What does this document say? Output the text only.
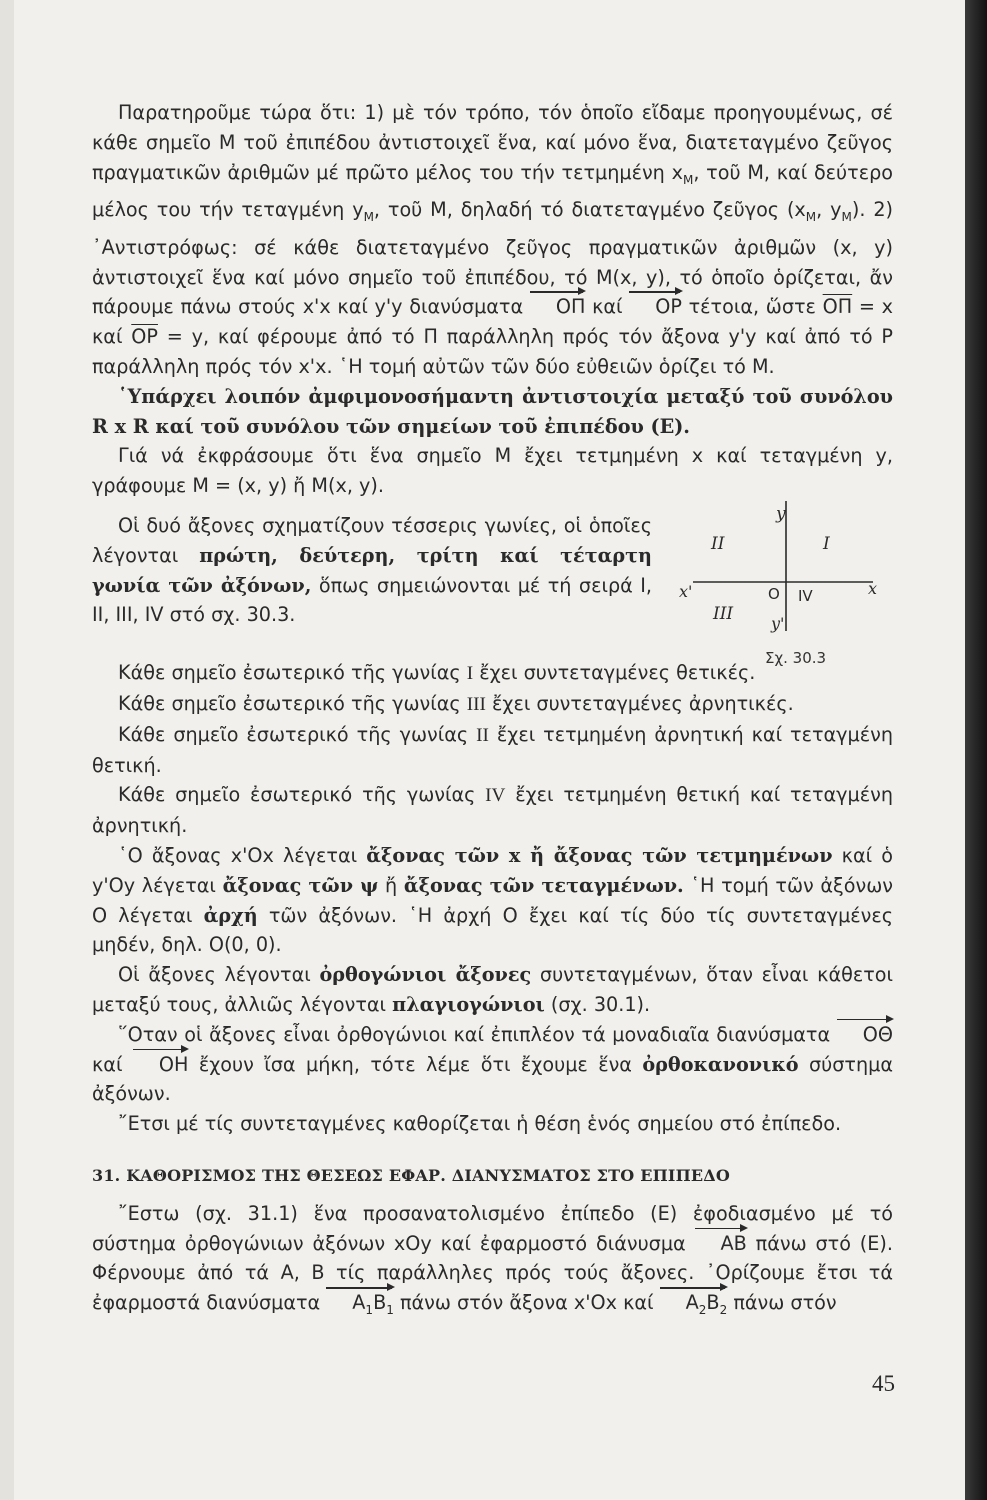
Παρατηροῦμε τώρα ὅτι: 1) μὲ τόν τρόπο, τόν ὁποῖο εἴδαμε προηγουμένως, σέ κάθε σημεῖο Μ τοῦ ἐπιπέδου ἀντιστοιχεῖ ἕνα, καί μόνο ἕνα, διατεταγμένο ζεῦγος πραγματικῶν ἀριθμῶν μέ πρῶτο μέλος του τήν τετμημένη $x_M$, τοῦ Μ, καί δεύτερο μέλος του τήν τεταγμένη $y_M$, τοῦ Μ, δηλαδή τό διατεταγμένο ζεῦγος ($x_M$, $y_M$). 2) ᾿Αντιστρόφως: σέ κάθε διατεταγμένο ζεῦγος πραγματικῶν ἀριθμῶν (x, y) ἀντιστοιχεῖ ἕνα καί μόνο σημεῖο τοῦ ἐπιπέδου, τό Μ(x, y), τό ὁποῖο ὁρίζεται, ἄν πάρουμε πάνω στούς x'x καί y'y διανύσματα ΟΠ καί ΟΡ τέτοια, ὥστε $\overline{O\Pi} = x$ καί $\overline{OP} = y$, καί φέρουμε ἀπό τό Π παράλληλη πρός τόν ἄξονα y'y καί ἀπό τό Ρ παράλληλη πρός τόν x'x. ῾Η τομή αὐτῶν τῶν δύο εὐθειῶν ὁρίζει τό Μ.

῾Υπάρχει λοιπόν ἀμφιμονοσήμαντη ἀντιστοιχία μεταξύ τοῦ συνόλου R x R καί τοῦ συνόλου τῶν σημείων τοῦ ἐπιπέδου (Ε).

Γιά νά ἐκφράσουμε ὅτι ἕνα σημεῖο Μ ἔχει τετμημένη x καί τεταγμένη y, γράφουμε Μ = (x, y) ἤ Μ(x, y).

Οἱ δυό ἄξονες σχηματίζουν τέσσερις γωνίες, οἱ ὁποῖες λέγονται πρώτη, δεύτερη, τρίτη καί τέταρτη γωνία τῶν ἀξόνων, ὅπως σημειώνονται μέ τή σειρά I, II, III, IV στό σχ. 30.3.

y
II	I
x'	O IV	x
III y'
Σχ. 30.3

Κάθε σημεῖο ἐσωτερικό τῆς γωνίας I ἔχει συντεταγμένες θετικές.

Κάθε σημεῖο ἐσωτερικό τῆς γωνίας III ἔχει συντεταγμένες ἀρνητικές.

Κάθε σημεῖο ἐσωτερικό τῆς γωνίας II ἔχει τετμημένη ἀρνητική καί τεταγμένη θετική.

Κάθε σημεῖο ἐσωτερικό τῆς γωνίας IV ἔχει τετμημένη θετική καί τεταγμένη ἀρνητική.

῾Ο ἄξονας x'Ox λέγεται ἄξονας τῶν x ἤ ἄξονας τῶν τετμημένων καί ὁ y'Oy λέγεται ἄξονας τῶν ψ ἤ ἄξονας τῶν τεταγμένων. ῾Η τομή τῶν ἀξόνων Ο λέγεται ἀρχή τῶν ἀξόνων. ῾Η ἀρχή Ο ἔχει καί τίς δύο τίς συντεταγμένες μηδέν, δηλ. Ο(0, 0).

Οἱ ἄξονες λέγονται ὀρθογώνιοι ἄξονες συντεταγμένων, ὅταν εἶναι κάθετοι μεταξύ τους, ἀλλιῶς λέγονται πλαγιογώνιοι (σχ. 30.1).

῞Οταν οἱ ἄξονες εἶναι ὀρθογώνιοι καί ἐπιπλέον τά μοναδιαῖα διανύσματα ΟΘ καί ΟΗ ἔχουν ἴσα μήκη, τότε λέμε ὅτι ἔχουμε ἕνα ὀρθοκανονικό σύστημα ἀξόνων.

῎Ετσι μέ τίς συντεταγμένες καθορίζεται ἡ θέση ἑνός σημείου στό ἐπίπεδο.

31. ΚΑΘΟΡΙΣΜΟΣ ΤΗΣ ΘΕΣΕΩΣ ΕΦΑΡ. ΔΙΑΝΥΣΜΑΤΟΣ ΣΤΟ ΕΠΙΠΕΔΟ

῎Εστω (σχ. 31.1) ἕνα προσανατολισμένο ἐπίπεδο (Ε) ἐφοδιασμένο μέ τό σύστημα ὀρθογώνιων ἀξόνων xOy καί ἐφαρμοστό διάνυσμα ΑΒ πάνω στό (Ε). Φέρνουμε ἀπό τά Α, Β τίς παράλληλες πρός τούς ἄξονες. ᾿Ορίζουμε ἔτσι τά ἐφαρμοστά διανύσματα $A_1B_1$ πάνω στόν ἄξονα x'Ox καί $A_2B_2$ πάνω στόν

45
